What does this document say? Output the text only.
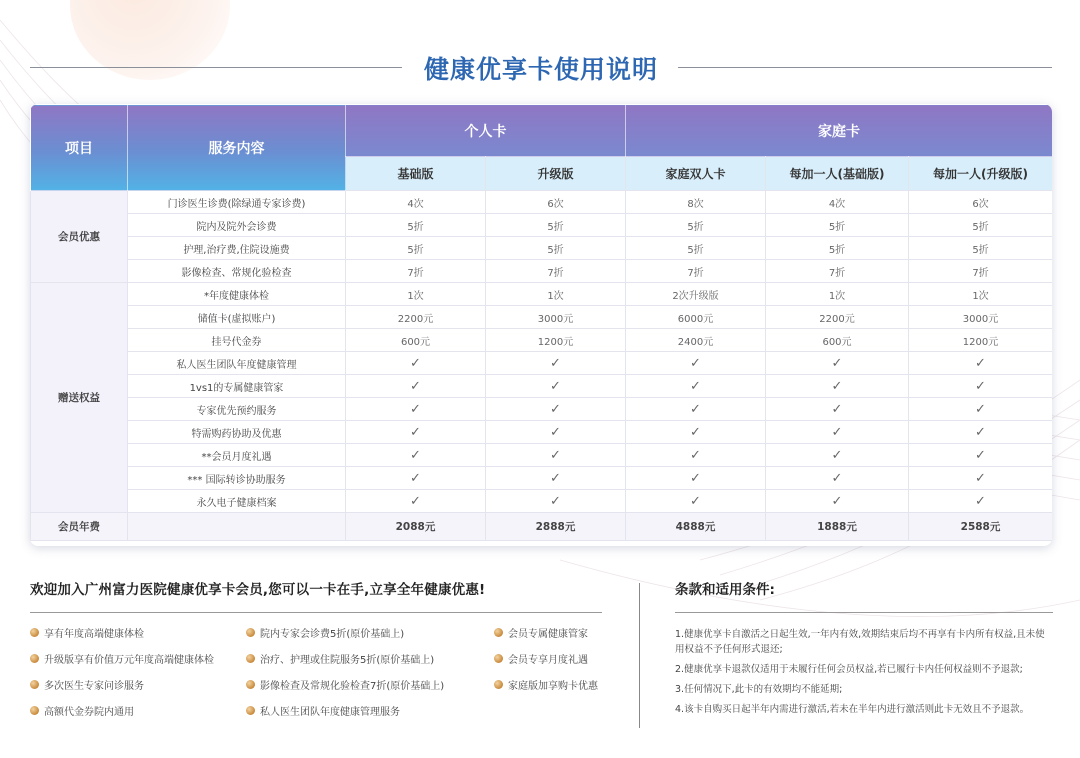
健康优享卡使用说明
项目	服务内容	个人卡		家庭卡		
		基础版	升级版	家庭双人卡	每加一人(基础版)	每加一人(升级版)
会员优惠	门诊医生诊费(除绿通专家诊费)	4次	6次	8次	4次	6次
	院内及院外会诊费	5折	5折	5折	5折	5折
	护理,治疗费,住院设施费	5折	5折	5折	5折	5折
	影像检查、常规化验检查	7折	7折	7折	7折	7折
赠送权益	*年度健康体检	1次	1次	2次升级版	1次	1次
	储值卡(虚拟账户)	2200元	3000元	6000元	2200元	3000元
	挂号代金券	600元	1200元	2400元	600元	1200元
	私人医生团队年度健康管理	✓	✓	✓	✓	✓
	1vs1的专属健康管家	✓	✓	✓	✓	✓
	专家优先预约服务	✓	✓	✓	✓	✓
	特需购药协助及优惠	✓	✓	✓	✓	✓
	**会员月度礼遇	✓	✓	✓	✓	✓
	*** 国际转诊协助服务	✓	✓	✓	✓	✓
	永久电子健康档案	✓	✓	✓	✓	✓
会员年费		2088元	2888元	4888元	1888元	2588元
欢迎加入广州富力医院健康优享卡会员,您可以一卡在手,立享全年健康优惠!
享有年度高端健康体检
升级版享有价值万元年度高端健康体检
多次医生专家问诊服务
高额代金券院内通用
院内专家会诊费5折(原价基础上)
治疗、护理或住院服务5折(原价基础上)
影像检查及常规化验检查7折(原价基础上)
私人医生团队年度健康管理服务
会员专属健康管家
会员专享月度礼遇
家庭版加享购卡优惠
条款和适用条件:
1.健康优享卡自激活之日起生效,一年内有效,效期结束后均不再享有卡内所有权益,且未使用权益不予任何形式退还;
2.健康优享卡退款仅适用于未履行任何会员权益,若已履行卡内任何权益则不予退款;
3.任何情况下,此卡的有效期均不能延期;
4.该卡自购买日起半年内需进行激活,若未在半年内进行激活则此卡无效且不予退款。
